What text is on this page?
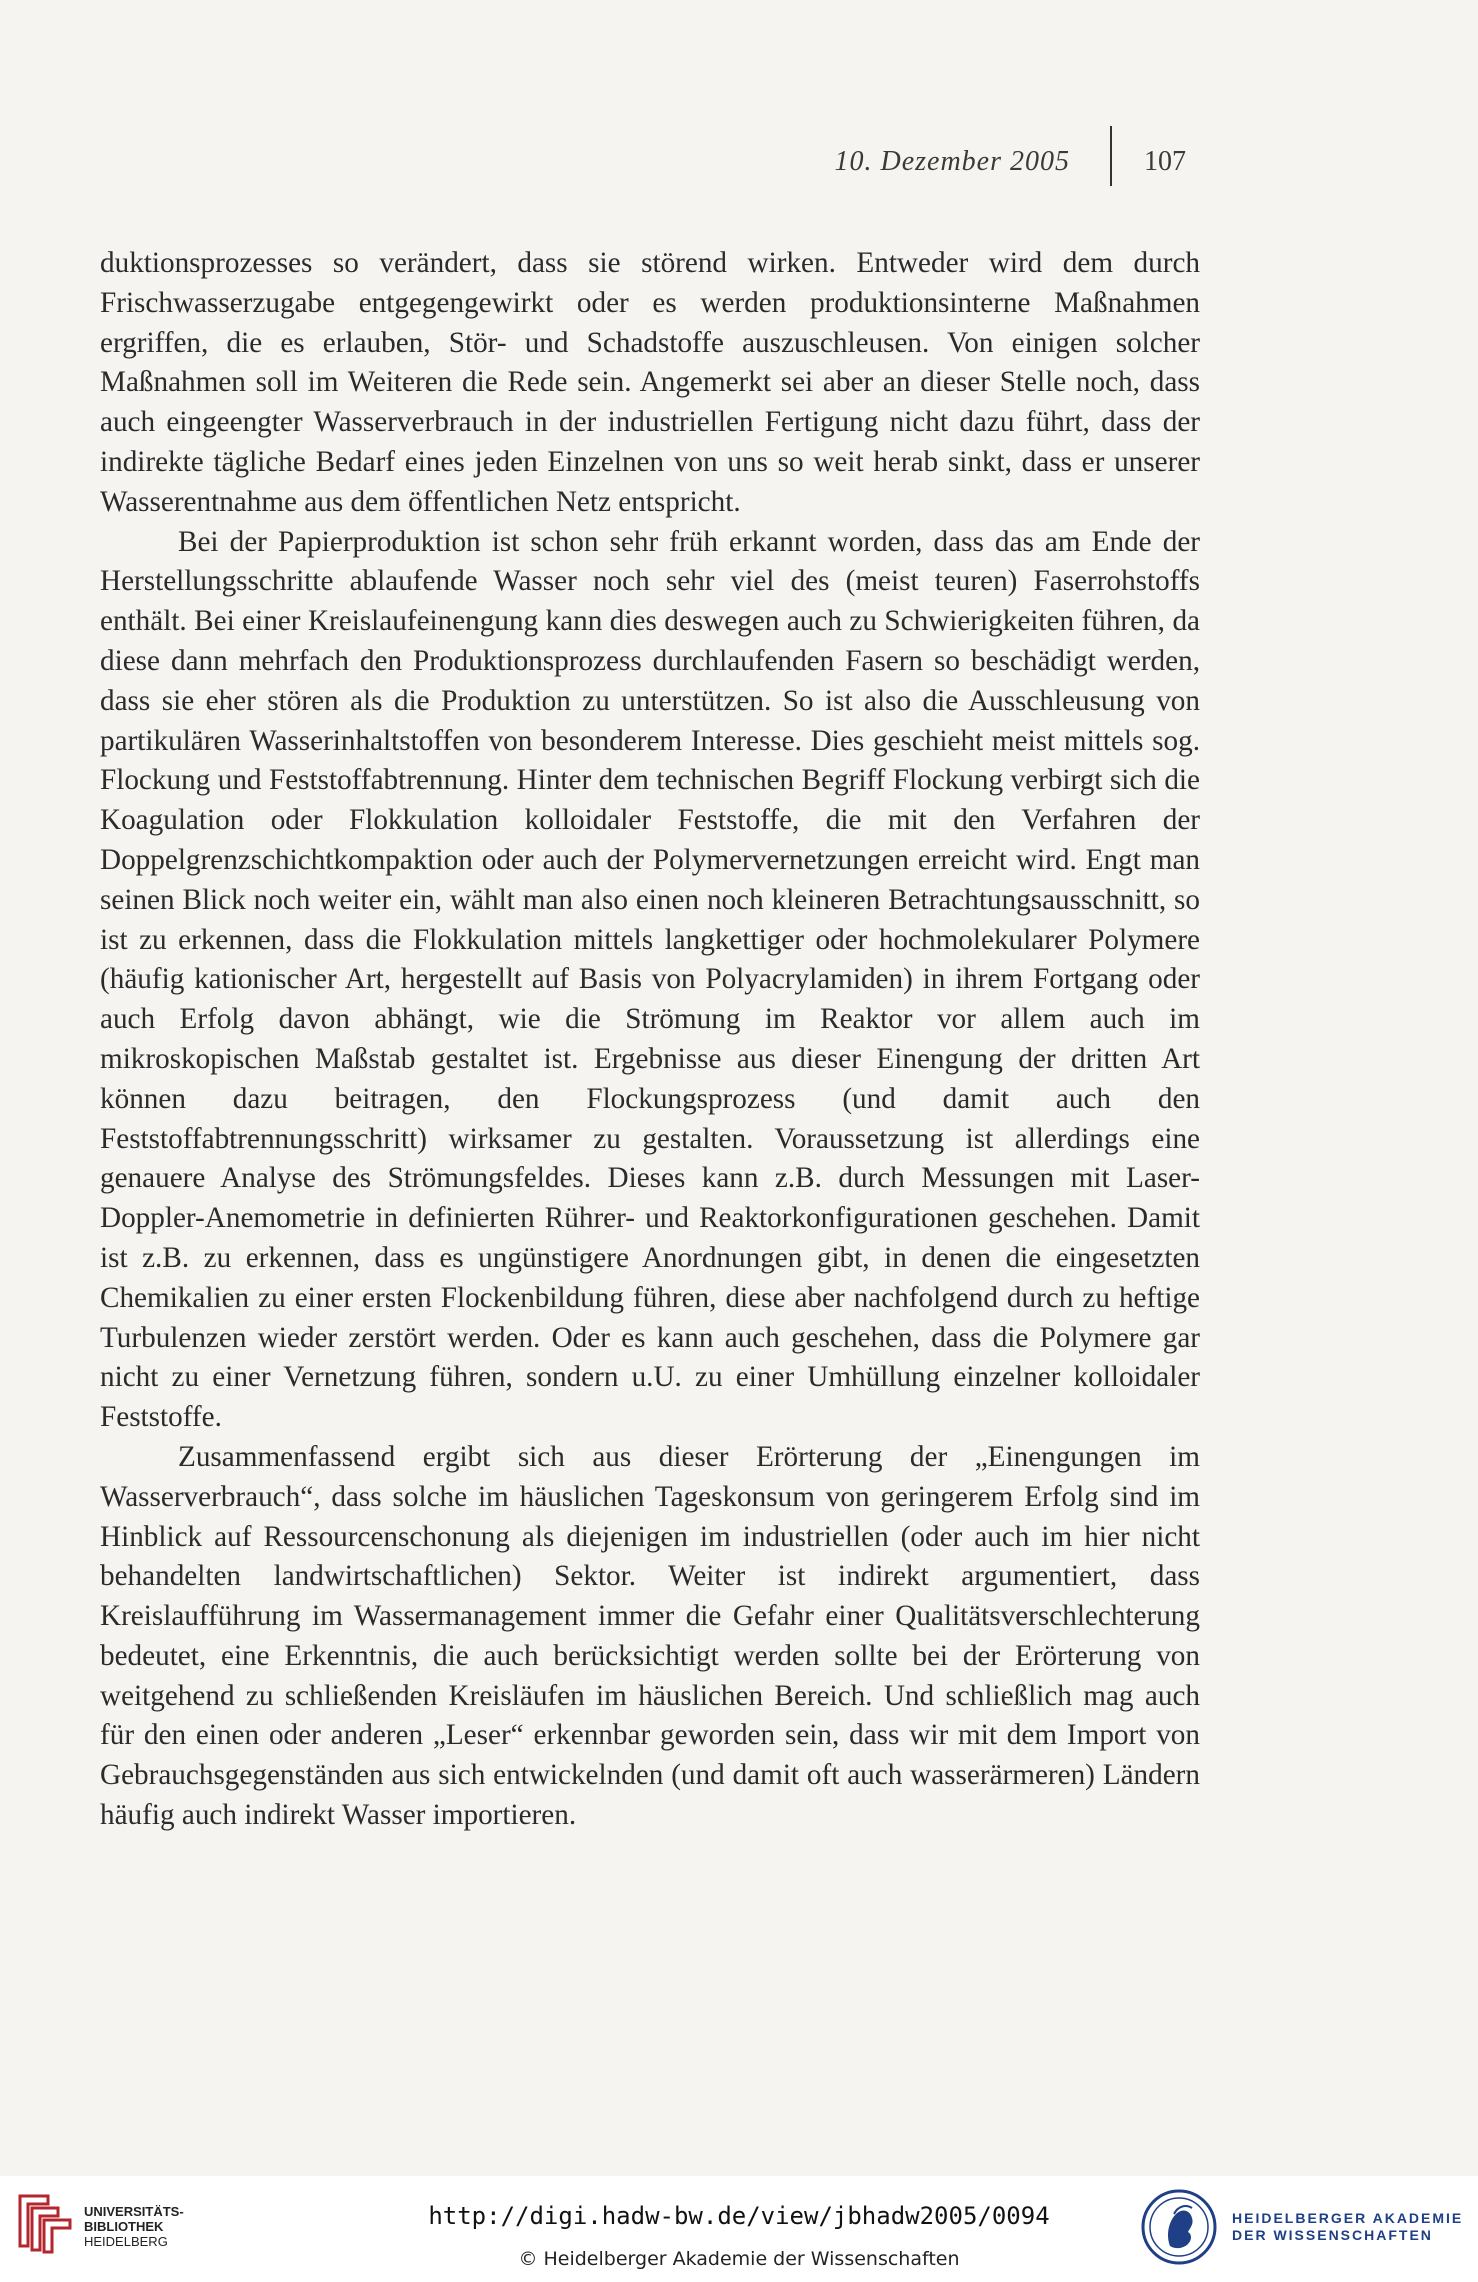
10. Dezember 2005	107

duktionsprozesses so verändert, dass sie störend wirken. Entweder wird dem durch Frischwasserzugabe entgegengewirkt oder es werden produktionsinterne Maßnahmen ergriffen, die es erlauben, Stör- und Schadstoffe auszuschleusen. Von einigen solcher Maßnahmen soll im Weiteren die Rede sein. Angemerkt sei aber an dieser Stelle noch, dass auch eingeengter Wasserverbrauch in der industriellen Fertigung nicht dazu führt, dass der indirekte tägliche Bedarf eines jeden Einzelnen von uns so weit herab sinkt, dass er unserer Wasserentnahme aus dem öffentlichen Netz entspricht.

Bei der Papierproduktion ist schon sehr früh erkannt worden, dass das am Ende der Herstellungsschritte ablaufende Wasser noch sehr viel des (meist teuren) Faserrohstoffs enthält. Bei einer Kreislaufeinengung kann dies deswegen auch zu Schwierigkeiten führen, da diese dann mehrfach den Produktionsprozess durchlaufenden Fasern so beschädigt werden, dass sie eher stören als die Produktion zu unterstützen. So ist also die Ausschleusung von partikulären Wasserinhaltstoffen von besonderem Interesse. Dies geschieht meist mittels sog. Flockung und Feststoffabtrennung. Hinter dem technischen Begriff Flockung verbirgt sich die Koagulation oder Flokkulation kolloidaler Feststoffe, die mit den Verfahren der Doppelgrenzschichtkompaktion oder auch der Polymervernetzungen erreicht wird. Engt man seinen Blick noch weiter ein, wählt man also einen noch kleineren Betrachtungsausschnitt, so ist zu erkennen, dass die Flokkulation mittels langkettiger oder hochmolekularer Polymere (häufig kationischer Art, hergestellt auf Basis von Polyacrylamiden) in ihrem Fortgang oder auch Erfolg davon abhängt, wie die Strömung im Reaktor vor allem auch im mikroskopischen Maßstab gestaltet ist. Ergebnisse aus dieser Einengung der dritten Art können dazu beitragen, den Flockungsprozess (und damit auch den Feststoffabtrennungsschritt) wirksamer zu gestalten. Voraussetzung ist allerdings eine genauere Analyse des Strömungsfeldes. Dieses kann z.B. durch Messungen mit Laser-Doppler-Anemometrie in definierten Rührer- und Reaktorkonfigurationen geschehen. Damit ist z.B. zu erkennen, dass es ungünstigere Anordnungen gibt, in denen die eingesetzten Chemikalien zu einer ersten Flockenbildung führen, diese aber nachfolgend durch zu heftige Turbulenzen wieder zerstört werden. Oder es kann auch geschehen, dass die Polymere gar nicht zu einer Vernetzung führen, sondern u.U. zu einer Umhüllung einzelner kolloidaler Feststoffe.

Zusammenfassend ergibt sich aus dieser Erörterung der „Einengungen im Wasserverbrauch“, dass solche im häuslichen Tageskonsum von geringerem Erfolg sind im Hinblick auf Ressourcenschonung als diejenigen im industriellen (oder auch im hier nicht behandelten landwirtschaftlichen) Sektor. Weiter ist indirekt argumentiert, dass Kreislaufführung im Wassermanagement immer die Gefahr einer Qualitätsverschlechterung bedeutet, eine Erkenntnis, die auch berücksichtigt werden sollte bei der Erörterung von weitgehend zu schließenden Kreisläufen im häuslichen Bereich. Und schließlich mag auch für den einen oder anderen „Leser“ erkennbar geworden sein, dass wir mit dem Import von Gebrauchsgegenständen aus sich entwickelnden (und damit oft auch wasserärmeren) Ländern häufig auch indirekt Wasser importieren.

UNIVERSITÄTS-
BIBLIOTHEK
HEIDELBERG
http://digi.hadw-bw.de/view/jbhadw2005/0094
© Heidelberger Akademie der Wissenschaften
HEIDELBERGER AKADEMIE
DER WISSENSCHAFTEN
